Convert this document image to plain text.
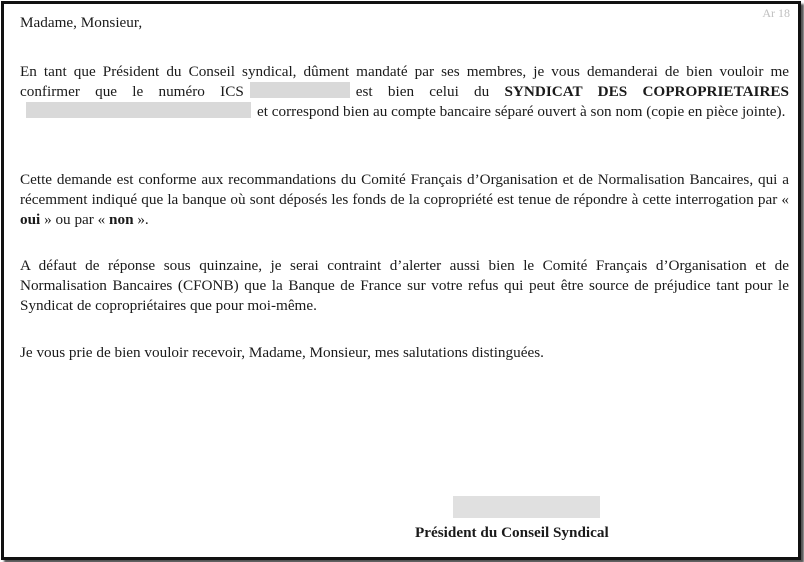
Ar 18

Madame, Monsieur,

En tant que Président du Conseil syndical, dûment mandaté par ses membres, je vous demanderai de bien vouloir me confirmer que le numéro ICS	est bien celui du SYNDICAT DES COPROPRIETAIRESet correspond bien au compte bancaire séparé ouvert à son nom (copie en pièce jointe).

Cette demande est conforme aux recommandations du Comité Français d’Organisation et de Normalisation Bancaires, qui a récemment indiqué que la banque où sont déposés les fonds de la copropriété est tenue de répondre à cette interrogation par « oui » ou par « non ».

A défaut de réponse sous quinzaine, je serai contraint d’alerter aussi bien le Comité Français d’Organisation et de Normalisation Bancaires (CFONB) que la Banque de France sur votre refus qui peut être source de préjudice tant pour le Syndicat de copropriétaires que pour moi-même.

Je vous prie de bien vouloir recevoir, Madame, Monsieur, mes salutations distinguées.

Président du Conseil Syndical
